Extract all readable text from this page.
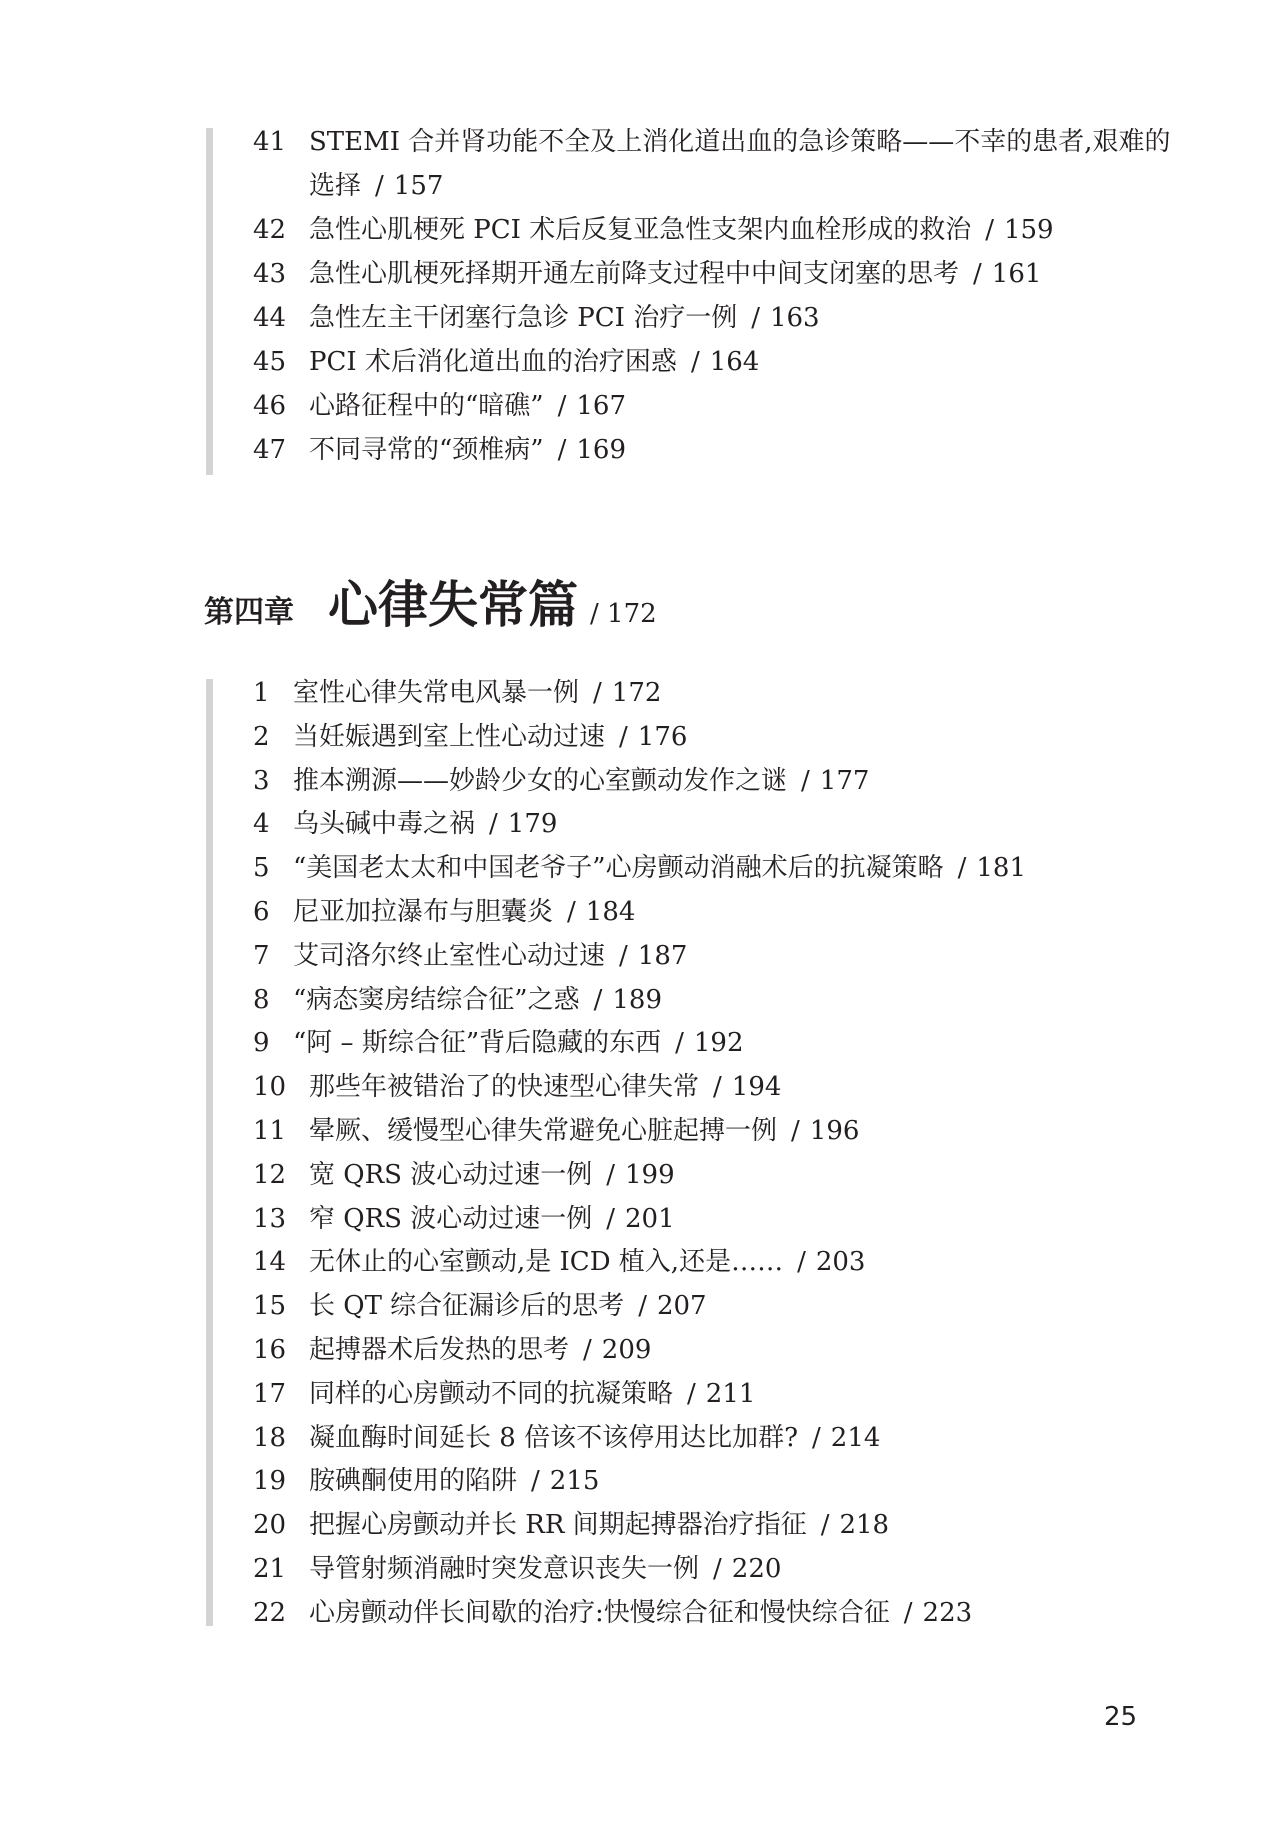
41 STEMI 合并肾功能不全及上消化道出血的急诊策略——不幸的患者,艰难的选择 / 157
42 急性心肌梗死 PCI 术后反复亚急性支架内血栓形成的救治 / 159
43 急性心肌梗死择期开通左前降支过程中中间支闭塞的思考 / 161
44 急性左主干闭塞行急诊 PCI 治疗一例 / 163
45 PCI 术后消化道出血的治疗困惑 / 164
46 心路征程中的“暗礁” / 167
47 不同寻常的“颈椎病” / 169
第四章 心律失常篇 / 172
1 室性心律失常电风暴一例 / 172
2 当妊娠遇到室上性心动过速 / 176
3 推本溯源——妙龄少女的心室颤动发作之谜 / 177
4 乌头碱中毒之祸 / 179
5 “美国老太太和中国老爷子”心房颤动消融术后的抗凝策略 / 181
6 尼亚加拉瀑布与胆囊炎 / 184
7 艾司洛尔终止室性心动过速 / 187
8 “病态窦房结综合征”之惑 / 189
9 “阿 – 斯综合征”背后隐藏的东西 / 192
10 那些年被错治了的快速型心律失常 / 194
11 晕厥、缓慢型心律失常避免心脏起搏一例 / 196
12 宽 QRS 波心动过速一例 / 199
13 窄 QRS 波心动过速一例 / 201
14 无休止的心室颤动,是 ICD 植入,还是…… / 203
15 长 QT 综合征漏诊后的思考 / 207
16 起搏器术后发热的思考 / 209
17 同样的心房颤动不同的抗凝策略 / 211
18 凝血酶时间延长 8 倍该不该停用达比加群? / 214
19 胺碘酮使用的陷阱 / 215
20 把握心房颤动并长 RR 间期起搏器治疗指征 / 218
21 导管射频消融时突发意识丧失一例 / 220
22 心房颤动伴长间歇的治疗:快慢综合征和慢快综合征 / 223
25
